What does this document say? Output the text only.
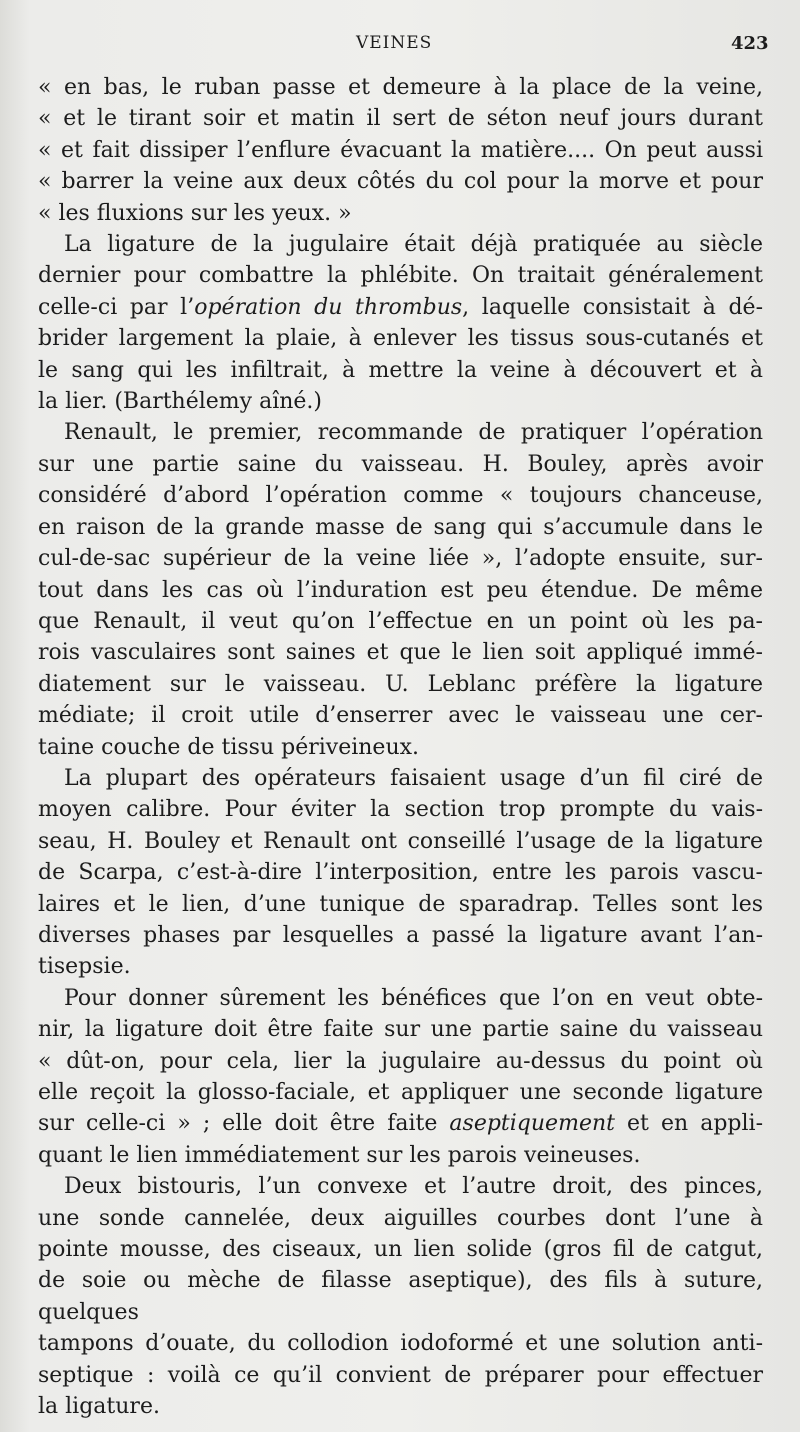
VEINES	423

« en bas, le ruban passe et demeure à la place de la veine,
« et le tirant soir et matin il sert de séton neuf jours durant
« et fait dissiper l’enflure évacuant la matière.... On peut aussi
« barrer la veine aux deux côtés du col pour la morve et pour
« les fluxions sur les yeux. »

La ligature de la jugulaire était déjà pratiquée au siècle
dernier pour combattre la phlébite. On traitait généralement
celle-ci par l’opération du thrombus, laquelle consistait à dé-
brider largement la plaie, à enlever les tissus sous-cutanés et
le sang qui les infiltrait, à mettre la veine à découvert et à
la lier. (Barthélemy aîné.)

Renault, le premier, recommande de pratiquer l’opération
sur une partie saine du vaisseau. H. Bouley, après avoir
considéré d’abord l’opération comme « toujours chanceuse,
en raison de la grande masse de sang qui s’accumule dans le
cul-de-sac supérieur de la veine liée », l’adopte ensuite, sur-
tout dans les cas où l’induration est peu étendue. De même
que Renault, il veut qu’on l’effectue en un point où les pa-
rois vasculaires sont saines et que le lien soit appliqué immé-
diatement sur le vaisseau. U. Leblanc préfère la ligature
médiate; il croit utile d’enserrer avec le vaisseau une cer-
taine couche de tissu périveineux.

La plupart des opérateurs faisaient usage d’un fil ciré de
moyen calibre. Pour éviter la section trop prompte du vais-
seau, H. Bouley et Renault ont conseillé l’usage de la ligature
de Scarpa, c’est-à-dire l’interposition, entre les parois vascu-
laires et le lien, d’une tunique de sparadrap. Telles sont les
diverses phases par lesquelles a passé la ligature avant l’an-
tisepsie.

Pour donner sûrement les bénéfices que l’on en veut obte-
nir, la ligature doit être faite sur une partie saine du vaisseau
« dût-on, pour cela, lier la jugulaire au-dessus du point où
elle reçoit la glosso-faciale, et appliquer une seconde ligature
sur celle-ci » ; elle doit être faite aseptiquement et en appli-
quant le lien immédiatement sur les parois veineuses.

Deux bistouris, l’un convexe et l’autre droit, des pinces,
une sonde cannelée, deux aiguilles courbes dont l’une à
pointe mousse, des ciseaux, un lien solide (gros fil de catgut,
de soie ou mèche de filasse aseptique), des fils à suture, quelques
tampons d’ouate, du collodion iodoformé et une solution anti-
septique : voilà ce qu’il convient de préparer pour effectuer
la ligature.
